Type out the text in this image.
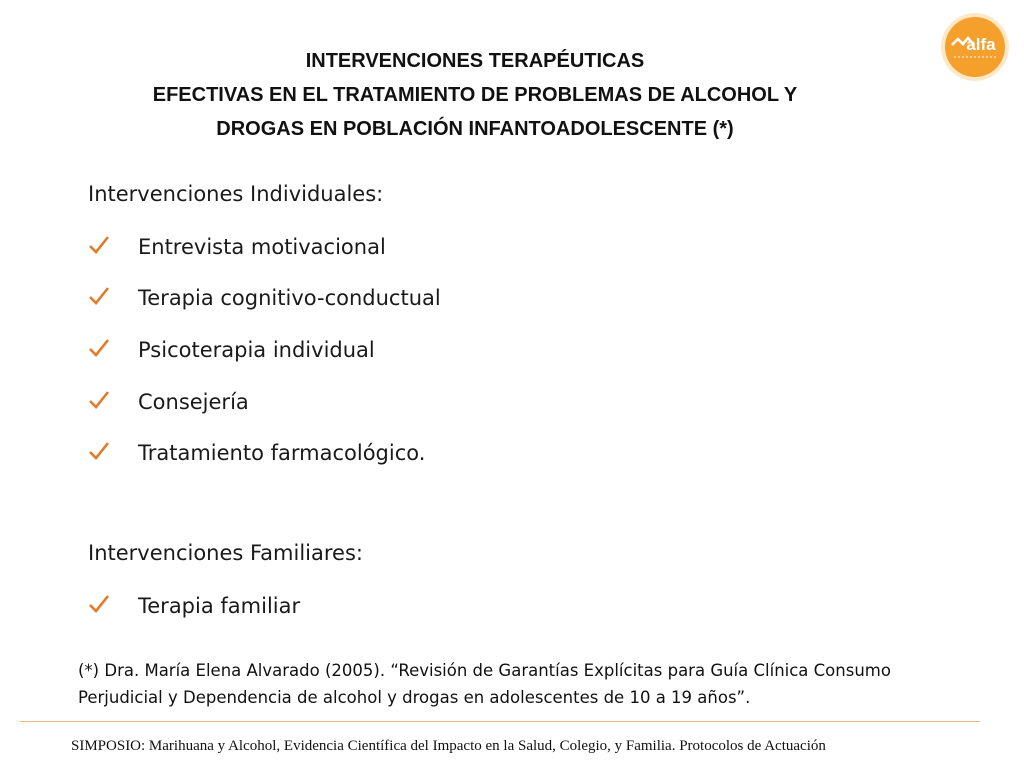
INTERVENCIONES TERAPÉUTICAS
EFECTIVAS EN EL TRATAMIENTO DE PROBLEMAS DE ALCOHOL Y
DROGAS EN POBLACIÓN INFANTOADOLESCENTE (*)
alfa
Intervenciones Individuales:
Entrevista motivacional
Terapia cognitivo-conductual
Psicoterapia individual
Consejería
Tratamiento farmacológico.
Intervenciones Familiares:
Terapia familiar
(*) Dra. María Elena Alvarado (2005). “Revisión de Garantías Explícitas para Guía Clínica Consumo
Perjudicial y Dependencia de alcohol y drogas en adolescentes de 10 a 19 años”.
SIMPOSIO: Marihuana y Alcohol, Evidencia Científica del Impacto en la Salud, Colegio, y Familia. Protocolos de Actuación
